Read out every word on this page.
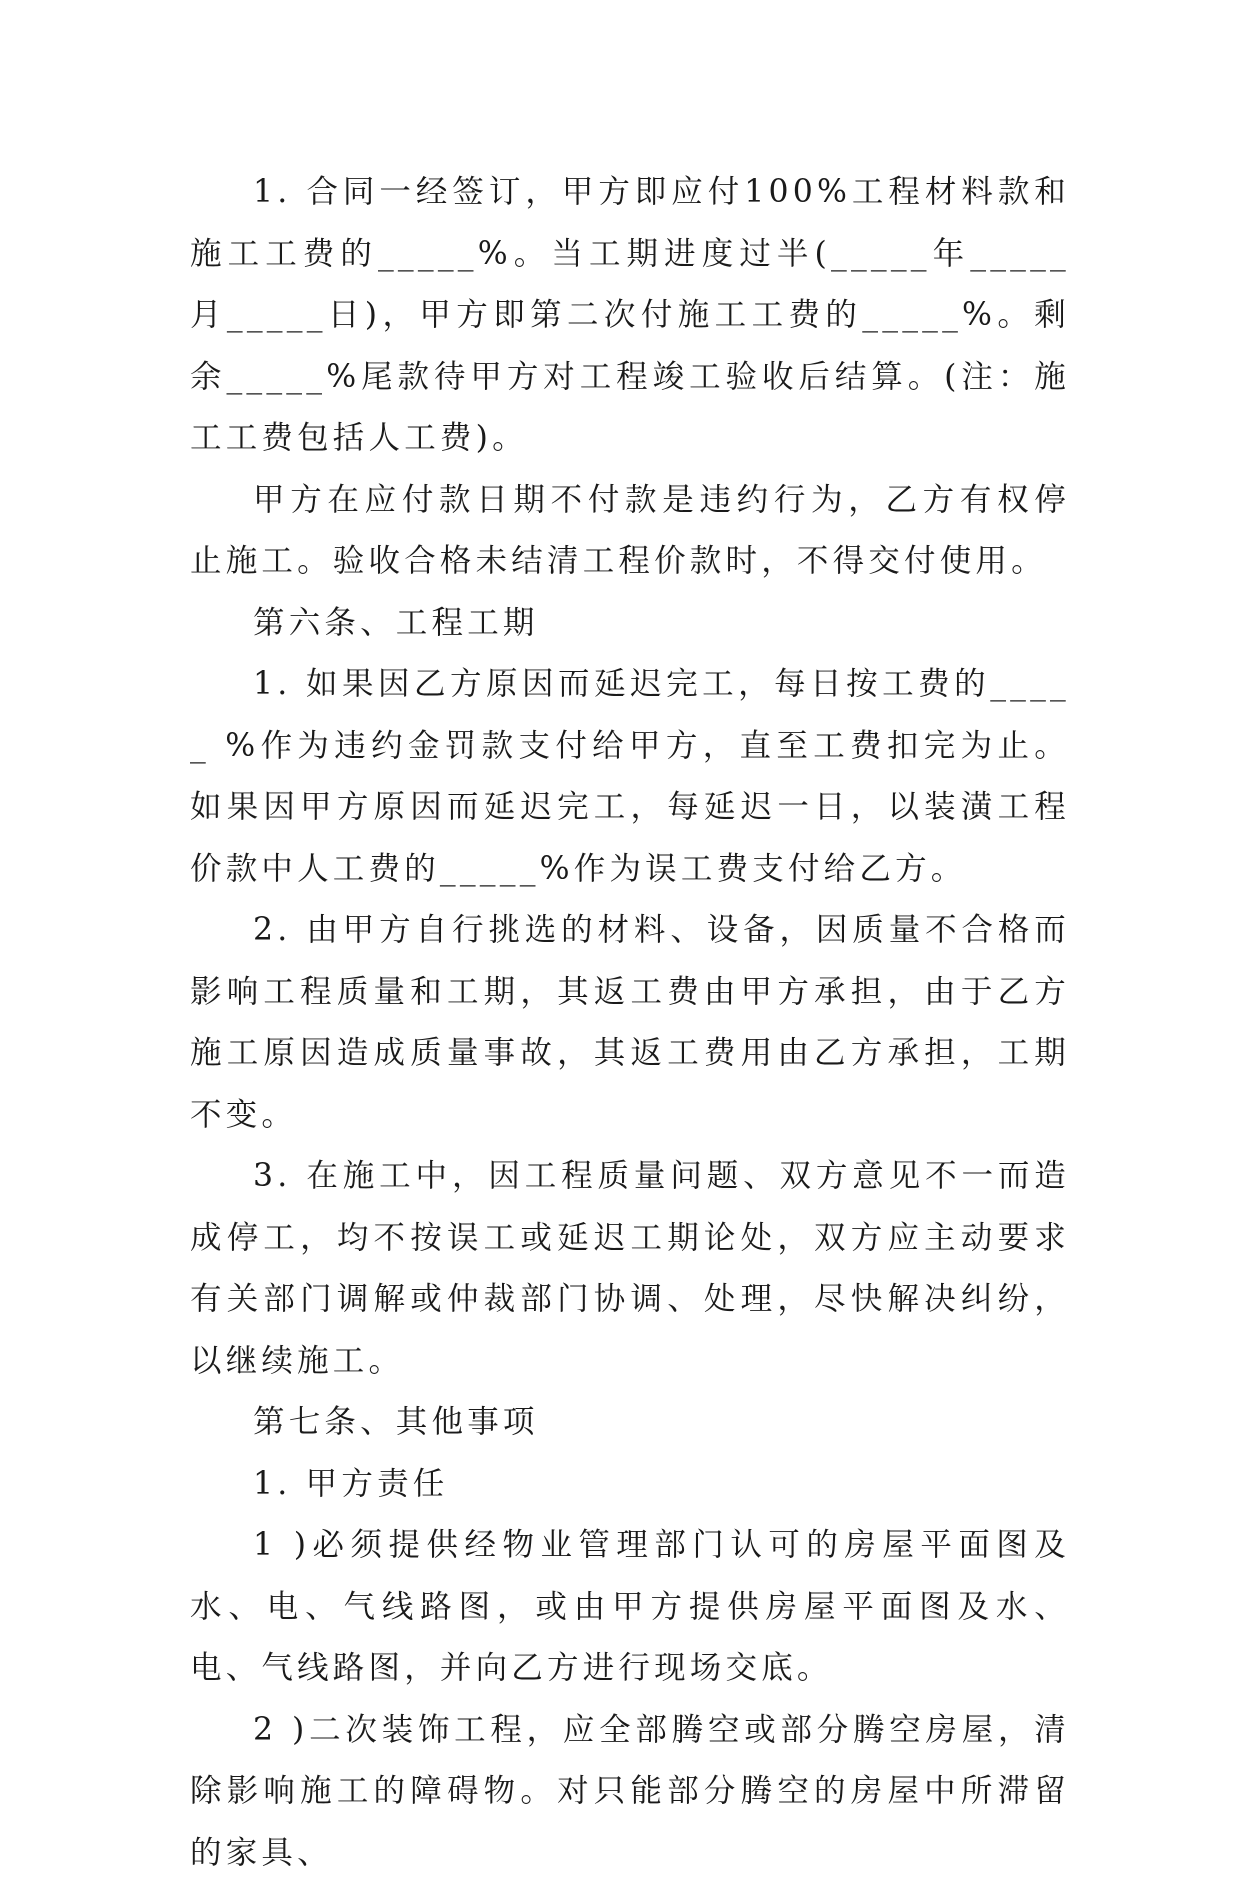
1. 合同一经签订，甲方即应付100%工程材料款和施工工费的_____%。当工期进度过半(_____年_____月_____日)，甲方即第二次付施工工费的_____%。剩余_____%尾款待甲方对工程竣工验收后结算。(注：施工工费包括人工费)。

甲方在应付款日期不付款是违约行为，乙方有权停止施工。验收合格未结清工程价款时，不得交付使用。

第六条、工程工期

1. 如果因乙方原因而延迟完工，每日按工费的_____ %作为违约金罚款支付给甲方，直至工费扣完为止。如果因甲方原因而延迟完工，每延迟一日，以装潢工程价款中人工费的_____%作为误工费支付给乙方。

2. 由甲方自行挑选的材料、设备，因质量不合格而影响工程质量和工期，其返工费由甲方承担，由于乙方施工原因造成质量事故，其返工费用由乙方承担，工期不变。

3. 在施工中，因工程质量问题、双方意见不一而造成停工，均不按误工或延迟工期论处，双方应主动要求有关部门调解或仲裁部门协调、处理，尽快解决纠纷，以继续施工。

第七条、其他事项

1. 甲方责任

1 )必须提供经物业管理部门认可的房屋平面图及水、电、气线路图，或由甲方提供房屋平面图及水、电、气线路图，并向乙方进行现场交底。

2 )二次装饰工程，应全部腾空或部分腾空房屋，清除影响施工的障碍物。对只能部分腾空的房屋中所滞留的家具、
